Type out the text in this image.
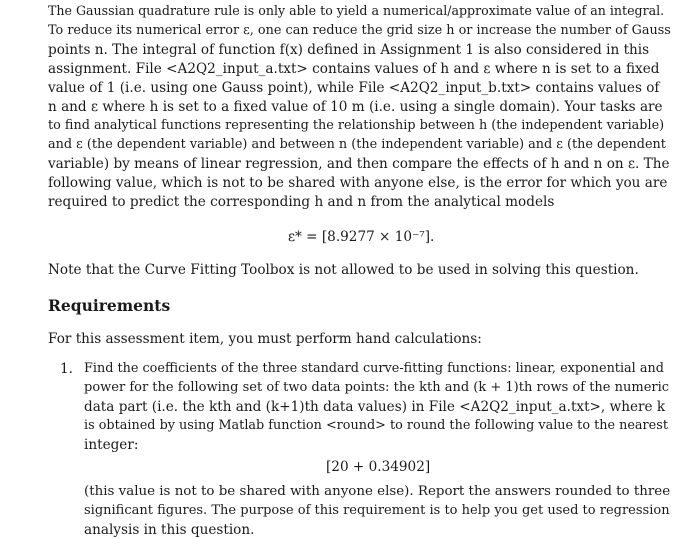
The Gaussian quadrature rule is only able to yield a numerical/approximate value of an integral.
To reduce its numerical error ε, one can reduce the grid size h or increase the number of Gauss
points n. The integral of function f(x) defined in Assignment 1 is also considered in this
assignment. File <A2Q2_input_a.txt> contains values of h and ε where n is set to a fixed
value of 1 (i.e. using one Gauss point), while File <A2Q2_input_b.txt> contains values of
n and ε where h is set to a fixed value of 10 m (i.e. using a single domain). Your tasks are
to find analytical functions representing the relationship between h (the independent variable)
and ε (the dependent variable) and between n (the independent variable) and ε (the dependent
variable) by means of linear regression, and then compare the effects of h and n on ε. The
following value, which is not to be shared with anyone else, is the error for which you are
required to predict the corresponding h and n from the analytical models
ε* = [8.9277 × 10⁻⁷].
Note that the Curve Fitting Toolbox is not allowed to be used in solving this question.
Requirements
For this assessment item, you must perform hand calculations:
1. Find the coefficients of the three standard curve-fitting functions: linear, exponential and
power for the following set of two data points: the kth and (k + 1)th rows of the numeric
data part (i.e. the kth and (k+1)th data values) in File <A2Q2_input_a.txt>, where k
is obtained by using Matlab function <round> to round the following value to the nearest
integer:
[20 + 0.34902]
(this value is not to be shared with anyone else). Report the answers rounded to three
significant figures. The purpose of this requirement is to help you get used to regression
analysis in this question.
